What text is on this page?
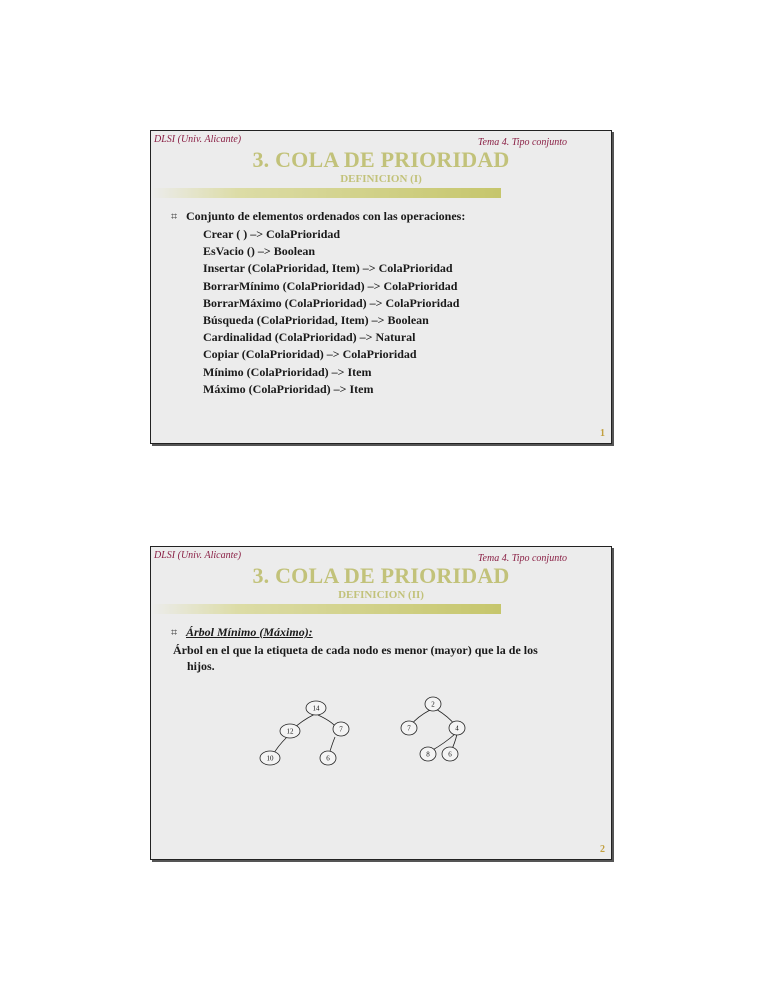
DLSI (Univ. Alicante)	Tema 4. Tipo conjunto
3. COLA DE PRIORIDAD
DEFINICION (I)
⌗ Conjunto de elementos ordenados con las operaciones:
Crear ( ) –> ColaPrioridad
EsVacio () –> Boolean
Insertar (ColaPrioridad, Item) –> ColaPrioridad
BorrarMínimo (ColaPrioridad) –> ColaPrioridad
BorrarMáximo (ColaPrioridad) –> ColaPrioridad
Búsqueda (ColaPrioridad, Item) –> Boolean
Cardinalidad (ColaPrioridad) –> Natural
Copiar (ColaPrioridad) –> ColaPrioridad
Mínimo (ColaPrioridad) –> Item
Máximo (ColaPrioridad) –> Item
1
DLSI (Univ. Alicante)	Tema 4. Tipo conjunto
3. COLA DE PRIORIDAD
DEFINICION (II)
⌗ Árbol Mínimo (Máximo):
Árbol en el que la etiqueta de cada nodo es menor (mayor) que la de los
hijos.
14
12	7
10	6
2
7	4
8	6
2
